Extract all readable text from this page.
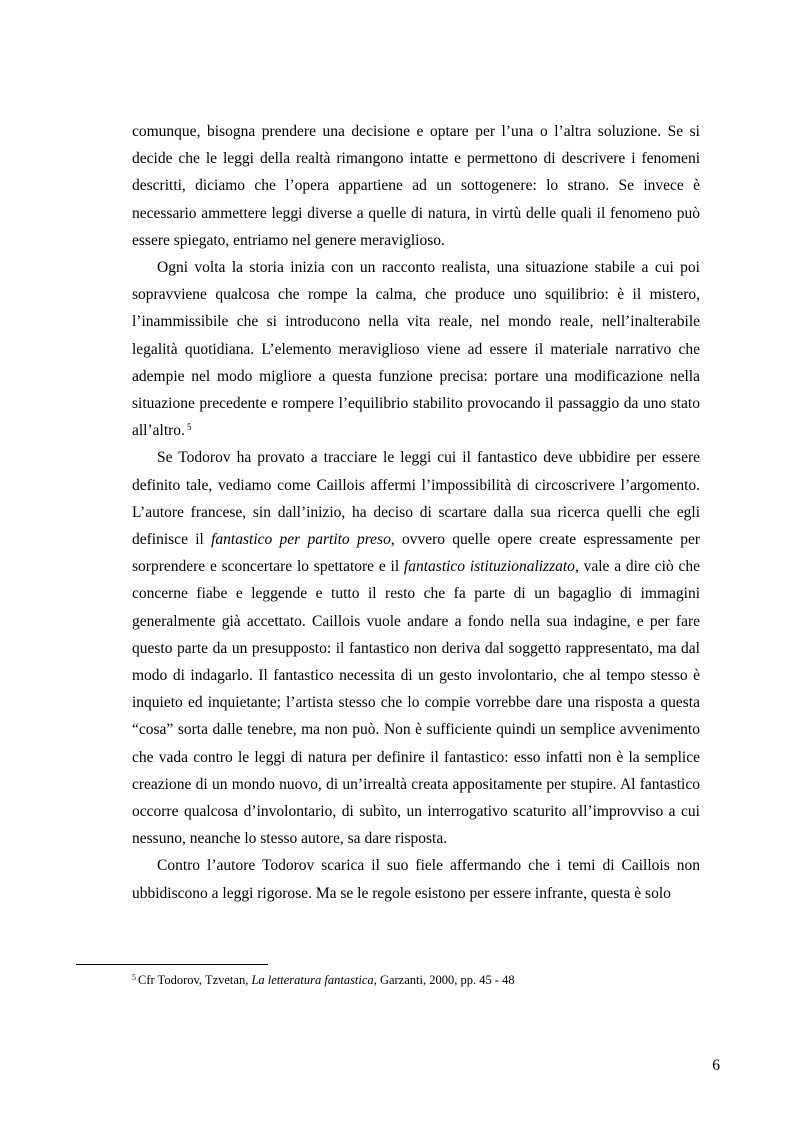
comunque, bisogna prendere una decisione e optare per l’una o l’altra soluzione. Se si decide che le leggi della realtà rimangono intatte e permettono di descrivere i fenomeni descritti, diciamo che l’opera appartiene ad un sottogenere: lo strano. Se invece è necessario ammettere leggi diverse a quelle di natura, in virtù delle quali il fenomeno può essere spiegato, entriamo nel genere meraviglioso.

Ogni volta la storia inizia con un racconto realista, una situazione stabile a cui poi sopravviene qualcosa che rompe la calma, che produce uno squilibrio: è il mistero, l’inammissibile che si introducono nella vita reale, nel mondo reale, nell’inalterabile legalità quotidiana. L’elemento meraviglioso viene ad essere il materiale narrativo che adempie nel modo migliore a questa funzione precisa: portare una modificazione nella situazione precedente e rompere l’equilibrio stabilito provocando il passaggio da uno stato all’altro. $^5$

Se Todorov ha provato a tracciare le leggi cui il fantastico deve ubbidire per essere definito tale, vediamo come Caillois affermi l’impossibilità di circoscrivere l’argomento. L’autore francese, sin dall’inizio, ha deciso di scartare dalla sua ricerca quelli che egli definisce il fantastico per partito preso, ovvero quelle opere create espressamente per sorprendere e sconcertare lo spettatore e il fantastico istituzionalizzato, vale a dire ciò che concerne fiabe e leggende e tutto il resto che fa parte di un bagaglio di immagini generalmente già accettato. Caillois vuole andare a fondo nella sua indagine, e per fare questo parte da un presupposto: il fantastico non deriva dal soggetto rappresentato, ma dal modo di indagarlo. Il fantastico necessita di un gesto involontario, che al tempo stesso è inquieto ed inquietante; l’artista stesso che lo compie vorrebbe dare una risposta a questa “cosa” sorta dalle tenebre, ma non può. Non è sufficiente quindi un semplice avvenimento che vada contro le leggi di natura per definire il fantastico: esso infatti non è la semplice creazione di un mondo nuovo, di un’irrealtà creata appositamente per stupire. Al fantastico occorre qualcosa d’involontario, di subìto, un interrogativo scaturito all’improvviso a cui nessuno, neanche lo stesso autore, sa dare risposta.

Contro l’autore Todorov scarica il suo fiele affermando che i temi di Caillois non ubbidiscono a leggi rigorose. Ma se le regole esistono per essere infrante, questa è solo

$^5$ Cfr Todorov, Tzvetan, La letteratura fantastica, Garzanti, 2000, pp. 45 - 48
6
